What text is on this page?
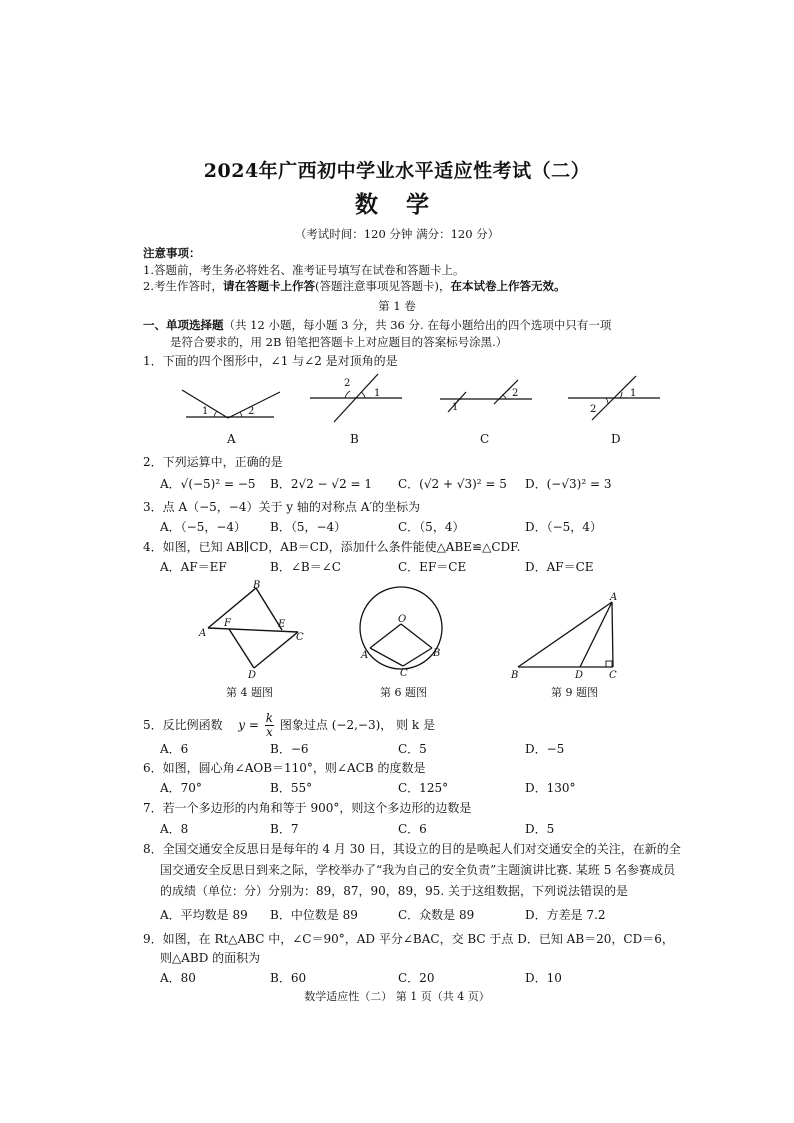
2024年广西初中学业水平适应性考试（二）
数 学
（考试时间：120 分钟 满分：120 分）
注意事项：
1.答题前，考生务必将姓名、准考证号填写在试卷和答题卡上。
2.考生作答时，请在答题卡上作答(答题注意事项见答题卡)，在本试卷上作答无效。
第 1 卷
一、单项选择题（共 12 小题，每小题 3 分，共 36 分. 在每小题给出的四个选项中只有一项
是符合要求的，用 2B 铅笔把答题卡上对应题目的答案标号涂黑.）
1．下面的四个图形中，∠1 与∠2 是对顶角的是
1	2
2
1
1
2
2
1
A	B	C	D
2．下列运算中，正确的是
A．√(−5)² = −5 B．2√2 − √2 = 1 C．(√2 + √3)² = 5 D．(−√3)² = 3
3．点 A（−5，−4）关于 y 轴的对称点 A′的坐标为
A．（−5，−4） B．（5，−4）	C．（5，4）	D．（−5，4）
4．如图，已知 AB∥CD，AB＝CD，添加什么条件能使△ABE≌△CDF.
A．AF＝EF	B．∠B＝∠C	C．EF＝CE	D．AF＝CE
A
B
C
D
E
F
第 4 题图
O
A	B
C
第 6 题图
A
B	C
D
第 9 题图
5．反比例函数 $y = \frac{k}{x}$ 图象过点 (−2,−3)， 则 k 是
A．6	B．−6	C．5	D．−5
6．如图，圆心角∠AOB＝110°，则∠ACB 的度数是
A．70°	B．55°	C．125°	D．130°
7．若一个多边形的内角和等于 900°，则这个多边形的边数是
A．8	B．7	C．6	D．5
8．全国交通安全反思日是每年的 4 月 30 日，其设立的目的是唤起人们对交通安全的关注，在新的全
国交通安全反思日到来之际，学校举办了“我为自己的安全负责”主题演讲比赛. 某班 5 名参赛成员
的成绩（单位：分）分别为：89，87，90，89，95. 关于这组数据，下列说法错误的是
A．平均数是 89 B．中位数是 89	C．众数是 89	D．方差是 7.2
9．如图，在 Rt△ABC 中，∠C＝90°，AD 平分∠BAC，交 BC 于点 D．已知 AB＝20，CD＝6，
则△ABD 的面积为
A．80	B．60	C．20	D．10
数学适应性（二） 第 1 页（共 4 页）
